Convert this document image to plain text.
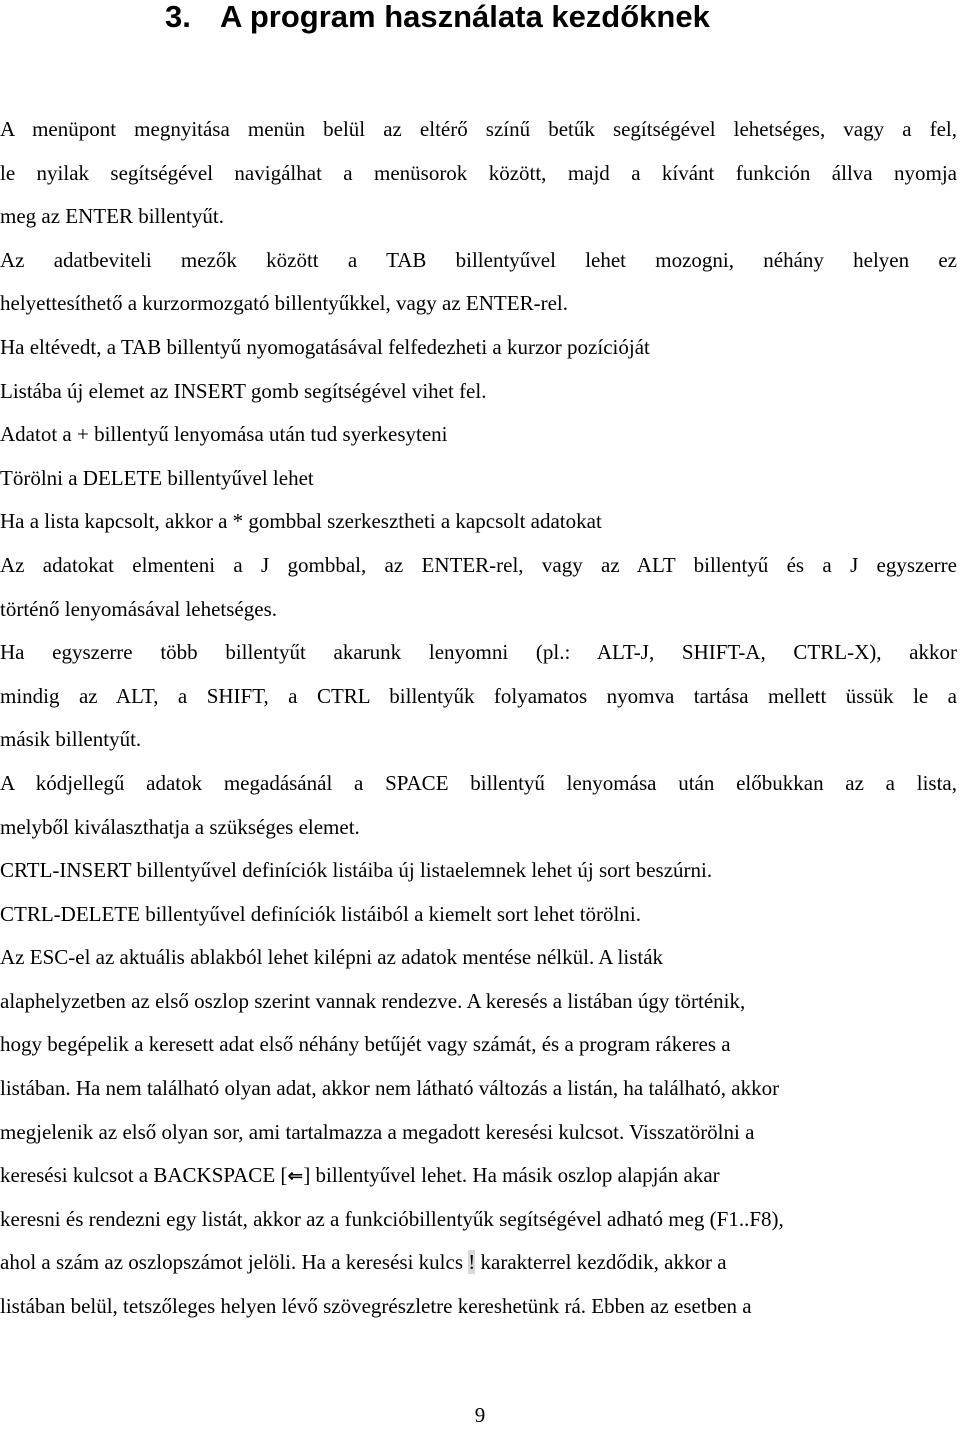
3. A program használata kezdőknek
A menüpont megnyitása menün belül az eltérő színű betűk segítségével lehetséges, vagy a fel,
le nyilak segítségével navigálhat a menüsorok között, majd a kívánt funkción állva nyomja
meg az ENTER billentyűt.
Az adatbeviteli mezők között a TAB billentyűvel lehet mozogni, néhány helyen ez
helyettesíthető a kurzormozgató billentyűkkel, vagy az ENTER-rel.
Ha eltévedt, a TAB billentyű nyomogatásával felfedezheti a kurzor pozícióját
Listába új elemet az INSERT gomb segítségével vihet fel.
Adatot a + billentyű lenyomása után tud syerkesyteni
Törölni a DELETE billentyűvel lehet
Ha a lista kapcsolt, akkor a * gombbal szerkesztheti a kapcsolt adatokat
Az adatokat elmenteni a J gombbal, az ENTER-rel, vagy az ALT billentyű és a J egyszerre
történő lenyomásával lehetséges.
Ha egyszerre több billentyűt akarunk lenyomni (pl.: ALT-J, SHIFT-A, CTRL-X), akkor
mindig az ALT, a SHIFT, a CTRL billentyűk folyamatos nyomva tartása mellett üssük le a
másik billentyűt.
A kódjellegű adatok megadásánál a SPACE billentyű lenyomása után előbukkan az a lista,
melyből kiválaszthatja a szükséges elemet.
CRTL-INSERT billentyűvel definíciók listáiba új listaelemnek lehet új sort beszúrni.
CTRL-DELETE billentyűvel definíciók listáiból a kiemelt sort lehet törölni.
Az ESC-el az aktuális ablakból lehet kilépni az adatok mentése nélkül. A listák
alaphelyzetben az első oszlop szerint vannak rendezve. A keresés a listában úgy történik,
hogy begépelik a keresett adat első néhány betűjét vagy számát, és a program rákeres a
listában. Ha nem található olyan adat, akkor nem látható változás a listán, ha található, akkor
megjelenik az első olyan sor, ami tartalmazza a megadott keresési kulcsot. Visszatörölni a
keresési kulcsot a BACKSPACE [⇐] billentyűvel lehet. Ha másik oszlop alapján akar
keresni és rendezni egy listát, akkor az a funkcióbillentyűk segítségével adható meg (F1..F8),
ahol a szám az oszlopszámot jelöli. Ha a keresési kulcs ! karakterrel kezdődik, akkor a
listában belül, tetszőleges helyen lévő szövegrészletre kereshetünk rá. Ebben az esetben a
9
